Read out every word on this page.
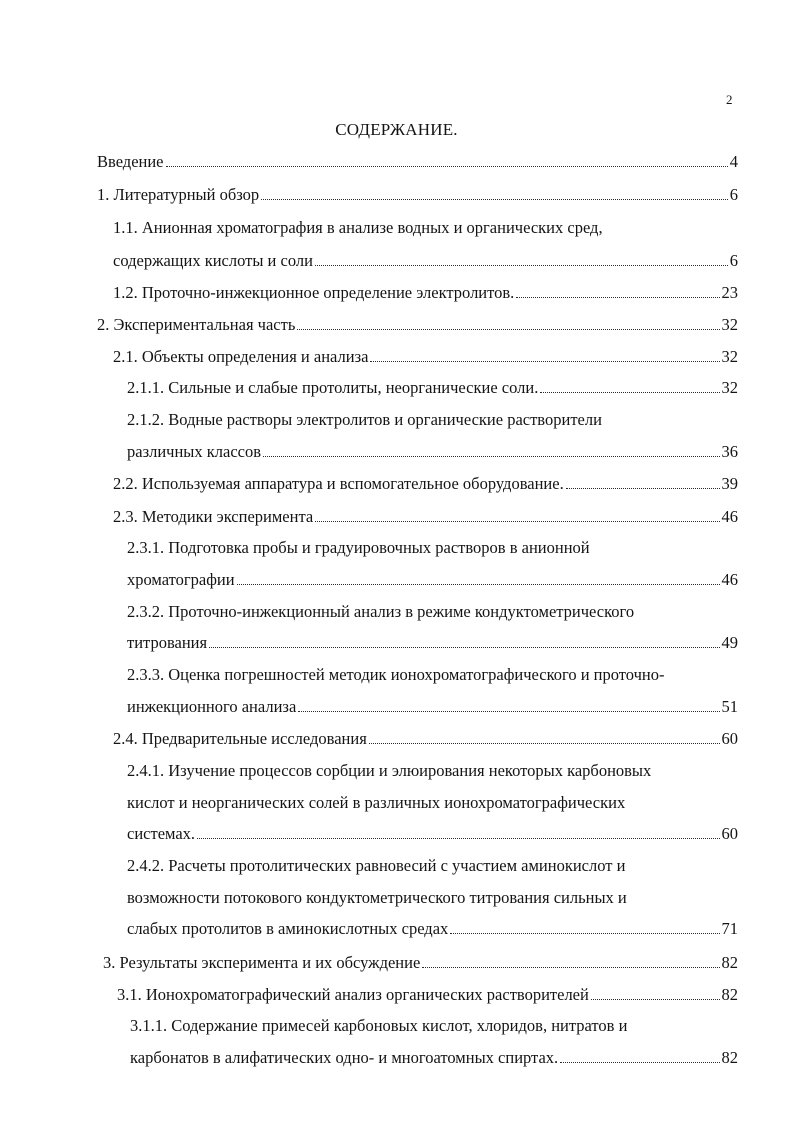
2
СОДЕРЖАНИЕ.
Введение	4
1. Литературный обзор	6
1.1. Анионная хроматография в анализе водных и органических сред,
содержащих кислоты и соли	6
1.2. Проточно-инжекционное определение электролитов.	23
2. Экспериментальная часть	32
2.1. Объекты определения и анализа	32
2.1.1. Сильные и слабые протолиты, неорганические соли.	32
2.1.2. Водные растворы электролитов и органические растворители
различных классов	36
2.2. Используемая аппаратура и вспомогательное оборудование.	39
2.3. Методики эксперимента	46
2.3.1. Подготовка пробы и градуировочных растворов в анионной
хроматографии	46
2.3.2. Проточно-инжекционный анализ в режиме кондуктометрического
титрования	49
2.3.3. Оценка погрешностей методик ионохроматографического и проточно-
инжекционного анализа	51
2.4. Предварительные исследования	60
2.4.1. Изучение процессов сорбции и элюирования некоторых карбоновых
кислот и неорганических солей в различных ионохроматографических
системах.	60
2.4.2. Расчеты протолитических равновесий с участием аминокислот и
возможности потокового кондуктометрического титрования сильных и
слабых протолитов в аминокислотных средах	71
3. Результаты эксперимента и их обсуждение	82
3.1. Ионохроматографический анализ органических растворителей	82
3.1.1. Содержание примесей карбоновых кислот, хлоридов, нитратов и
карбонатов в алифатических одно- и многоатомных спиртах.	82
